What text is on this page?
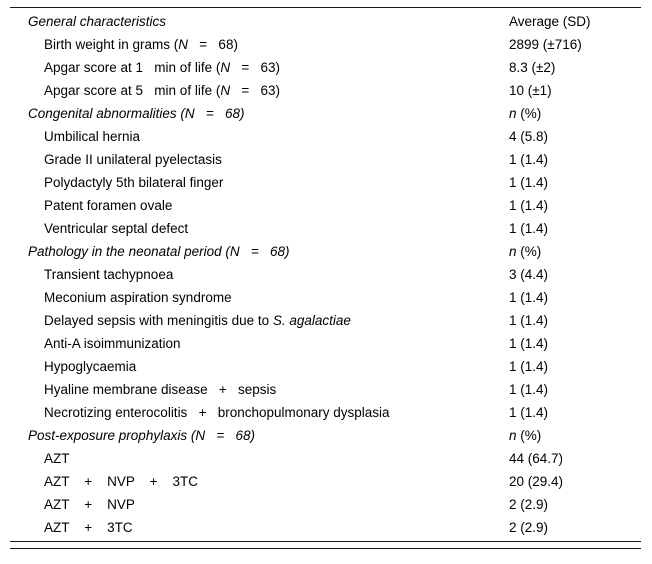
General characteristics	Average (SD)
Birth weight in grams (N   =   68)	2899 (±716)
Apgar score at 1   min of life (N   =   63)	8.3 (±2)
Apgar score at 5   min of life (N   =   63)	10 (±1)
Congenital abnormalities (N   =   68)	n (%)
Umbilical hernia	4 (5.8)
Grade II unilateral pyelectasis	1 (1.4)
Polydactyly 5th bilateral finger	1 (1.4)
Patent foramen ovale	1 (1.4)
Ventricular septal defect	1 (1.4)
Pathology in the neonatal period (N   =   68)	n (%)
Transient tachypnoea	3 (4.4)
Meconium aspiration syndrome	1 (1.4)
Delayed sepsis with meningitis due to S. agalactiae	1 (1.4)
Anti-A isoimmunization	1 (1.4)
Hypoglycaemia	1 (1.4)
Hyaline membrane disease   +   sepsis	1 (1.4)
Necrotizing enterocolitis   +   bronchopulmonary dysplasia	1 (1.4)
Post-exposure prophylaxis (N   =   68)	n (%)
AZT	44 (64.7)
AZT    +    NVP    +    3TC	20 (29.4)
AZT    +    NVP	2 (2.9)
AZT    +    3TC	2 (2.9)
